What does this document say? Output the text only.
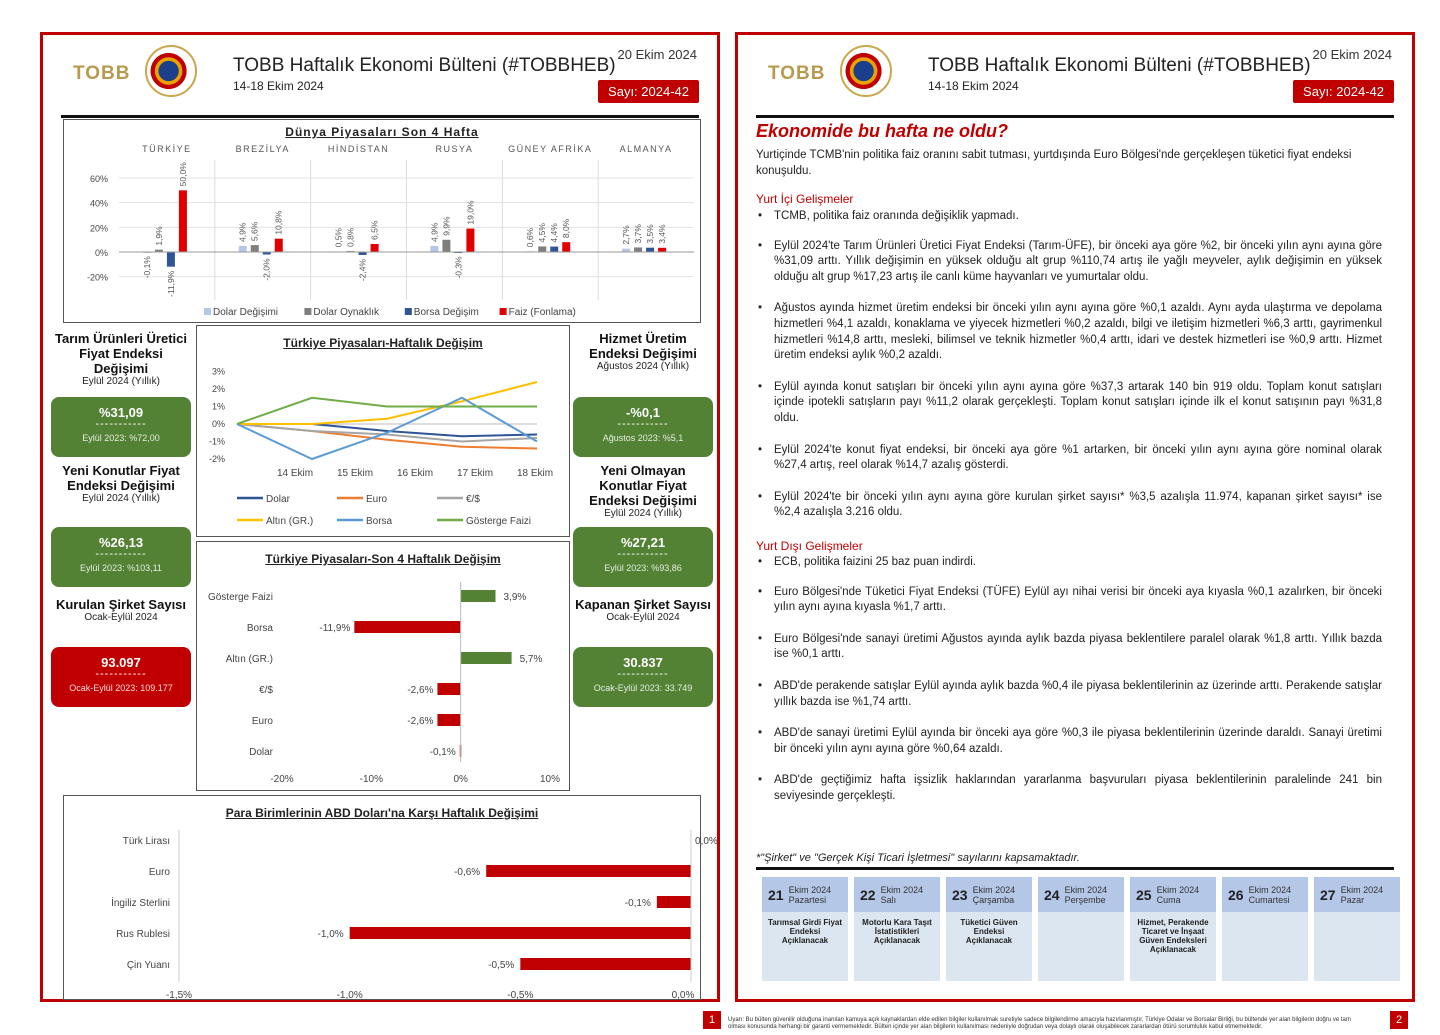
TOBB	TOBB Haftalık Ekonomi Bülteni (#TOBBHEB)
14-18 Ekim 2024
20 Ekim 2024
Sayı: 2024-42
Dünya Piyasaları Son 4 Hafta
60%
40%
20%
0%
-20%
TÜRKİYE
-0,1%
1,9%
-11,9%
50,0%
BREZİLYA
4,9% 5,6%
-2,0%
10,8%
HİNDİSTAN
0,5% 0,8%
-2,4%
6,5%
RUSYA
4,9% 9,9%
-0,3%
19,0%
GÜNEY AFRİKA
0,6% 4,5% 4,4% 8,0%
ALMANYA
2,7% 3,7% 3,5% 3,4%
Dolar Değişimi	Dolar Oynaklık	Borsa Değişim	Faiz (Fonlama)
Türkiye Piyasaları-Haftalık Değişim
3%
2%
1%
0%
-1%
-2%
14 Ekim 15 Ekim 16 Ekim 17 Ekim 18 Ekim
Dolar	Euro	€/$
Altın (GR.)	Borsa	Gösterge Faizi
Türkiye Piyasaları-Son 4 Haftalık Değişim
Gösterge Faizi	3,9%
Borsa	-11,9%
Altın (GR.)	5,7%
€/$	-2,6%
Euro	-2,6%
Dolar	-0,1%
-20%	-10%	0%	10%
Para Birimlerinin ABD Doları'na Karşı Haftalık Değişimi
Türk Lirası	0,0%
Euro	-0,6%
İngiliz Sterlini	-0,1%
Rus Rublesi	-1,0%
Çin Yuanı	-0,5%
-1,5%	-1,0%	-0,5%	0,0%
Tarım Ürünleri Üretici Fiyat Endeksi Değişimi
Eylül 2024 (Yıllık)
%31,09
-----------
Eylül 2023: %72,00
Yeni Konutlar Fiyat Endeksi Değişimi
Eylül 2024 (Yıllık)
%26,13
-----------
Eylül 2023: %103,11
Kurulan Şirket Sayısı
Ocak-Eylül 2024
93.097
-----------
Ocak-Eylül 2023: 109.177
Hizmet Üretim Endeksi Değişimi
Ağustos 2024 (Yıllık)
-%0,1
-----------
Ağustos 2023: %5,1
Yeni Olmayan Konutlar Fiyat Endeksi Değişimi
Eylül 2024 (Yıllık)
%27,21
-----------
Eylül 2023: %93,86
Kapanan Şirket Sayısı
Ocak-Eylül 2024
30.837
-----------
Ocak-Eylül 2023: 33.749
1
TOBB	TOBB Haftalık Ekonomi Bülteni (#TOBBHEB)
14-18 Ekim 2024
20 Ekim 2024
Sayı: 2024-42
Ekonomide bu hafta ne oldu?
Yurtiçinde TCMB'nin politika faiz oranını sabit tutması, yurtdışında Euro Bölgesi'nde gerçekleşen tüketici fiyat endeksi konuşuldu.
Yurt İçi Gelişmeler
• TCMB, politika faiz oranında değişiklik yapmadı.
• Eylül 2024'te Tarım Ürünleri Üretici Fiyat Endeksi (Tarım-ÜFE), bir önceki aya göre %2, bir önceki yılın aynı ayına göre %31,09 arttı. Yıllık değişimin en yüksek olduğu alt grup %110,74 artış ile yağlı meyveler, aylık değişimin en yüksek olduğu alt grup %17,23 artış ile canlı küme hayvanları ve yumurtalar oldu.
• Ağustos ayında hizmet üretim endeksi bir önceki yılın aynı ayına göre %0,1 azaldı. Aynı ayda ulaştırma ve depolama hizmetleri %4,1 azaldı, konaklama ve yiyecek hizmetleri %0,2 azaldı, bilgi ve iletişim hizmetleri %6,3 arttı, gayrimenkul hizmetleri %14,8 arttı, mesleki, bilimsel ve teknik hizmetler %0,4 arttı, idari ve destek hizmetleri ise %0,9 arttı. Hizmet üretim endeksi aylık %0,2 azaldı.
• Eylül ayında konut satışları bir önceki yılın aynı ayına göre %37,3 artarak 140 bin 919 oldu. Toplam konut satışları içinde ipotekli satışların payı %11,2 olarak gerçekleşti. Toplam konut satışları içinde ilk el konut satışının payı %31,8 oldu.
• Eylül 2024'te konut fiyat endeksi, bir önceki aya göre %1 artarken, bir önceki yılın aynı ayına göre nominal olarak %27,4 artış, reel olarak %14,7 azalış gösterdi.
• Eylül 2024'te bir önceki yılın aynı ayına göre kurulan şirket sayısı* %3,5 azalışla 11.974, kapanan şirket sayısı* ise %2,4 azalışla 3.216 oldu.
Yurt Dışı Gelişmeler
• ECB, politika faizini 25 baz puan indirdi.
• Euro Bölgesi'nde Tüketici Fiyat Endeksi (TÜFE) Eylül ayı nihai verisi bir önceki aya kıyasla %0,1 azalırken, bir önceki yılın aynı ayına kıyasla %1,7 arttı.
• Euro Bölgesi'nde sanayi üretimi Ağustos ayında aylık bazda piyasa beklentilere paralel olarak %1,8 arttı. Yıllık bazda ise %0,1 arttı.
• ABD'de perakende satışlar Eylül ayında aylık bazda %0,4 ile piyasa beklentilerinin az üzerinde arttı. Perakende satışlar yıllık bazda ise %1,74 arttı.
• ABD'de sanayi üretimi Eylül ayında bir önceki aya göre %0,3 ile piyasa beklentilerinin üzerinde daraldı. Sanayi üretimi bir önceki yılın aynı ayına göre %0,64 azaldı.
• ABD'de geçtiğimiz hafta işsizlik haklarından yararlanma başvuruları piyasa beklentilerinin paralelinde 241 bin seviyesinde gerçekleşti.
*"Şirket" ve "Gerçek Kişi Ticari İşletmesi" sayılarını kapsamaktadır.
21 Ekim 2024
Pazartesi
Tarımsal Girdi Fiyat Endeksi Açıklanacak
22 Ekim 2024
Salı
Motorlu Kara Taşıt İstatistikleri Açıklanacak
23 Ekim 2024
Çarşamba
Tüketici Güven Endeksi Açıklanacak
24 Ekim 2024
Perşembe 25 Ekim 2024
Cuma
Hizmet, Perakende Ticaret ve İnşaat Güven Endeksleri Açıklanacak
26 Ekim 2024
Cumartesi 27 Ekim 2024
Pazar
Uyarı: Bu bülten güvenilir olduğuna inanılan kamuya açık kaynaklardan elde edilen bilgiler kullanılmak suretiyle sadece bilgilendirme amacıyla hazırlanmıştır. Türkiye Odalar ve Borsalar Birliği, bu bültende yer alan bilgilerin doğru ve tam olması konusunda herhangi bir garanti vermemektedir. Bülten içinde yer alan bilgilerin kullanılması nedeniyle doğrudan veya dolaylı olarak oluşabilecek zararlardan ötürü sorumluluk kabul etmemektedir.
2
